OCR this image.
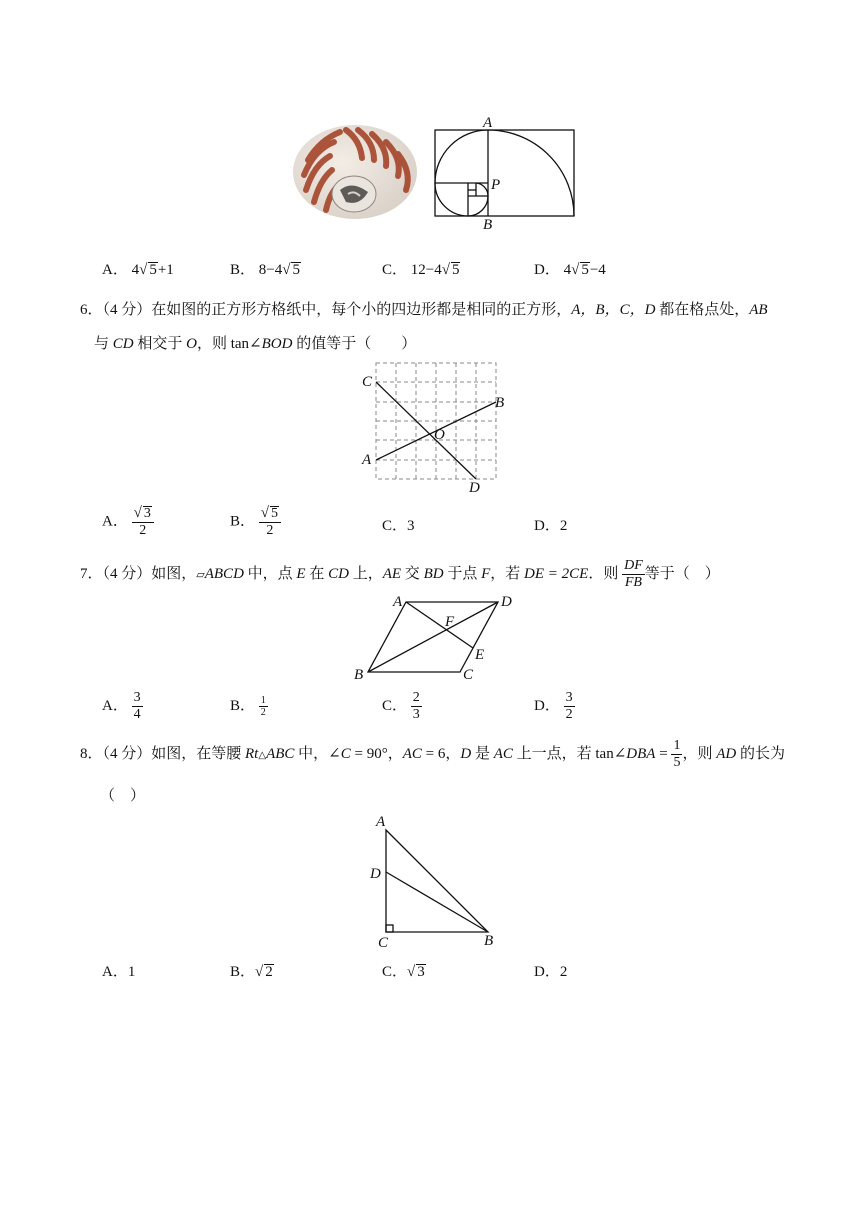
A
P
B
A． 4√ 5+1	B． 8−4√ 5	C． 12−4√ 5	D． 4√ 5−4
6．（4 分）在如图的正方形方格纸中，每个小的四边形都是相同的正方形，A，B，C，D 都在格点处，AB
与 CD 相交于 O，则 tan∠BOD 的值等于（　　）
C
B
O
A
D
A． $\frac{√ 3}{2}$	B． $\frac{√ 5}{2}$	C．3	D．2
7．（4 分）如图，▱ABCD 中，点 E 在 CD 上，AE 交 BD 于点 F，若 DE = 2CE．则 $\frac{DF}{FB}$ 等于（　）
A	D
F
E
B	C
A． $\frac{3}{4}$	B． $\frac{1}{2}$	C． $\frac{2}{3}$	D． $\frac{3}{2}$
8．（4 分）如图，在等腰 Rt△ABC 中，∠C = 90°，AC = 6，D 是 AC 上一点，若 tan∠DBA = $\frac{1}{5}$ ，则 AD 的长为
（　）
A
D
C	B
A．1	B．√ 2	C．√ 3	D．2
